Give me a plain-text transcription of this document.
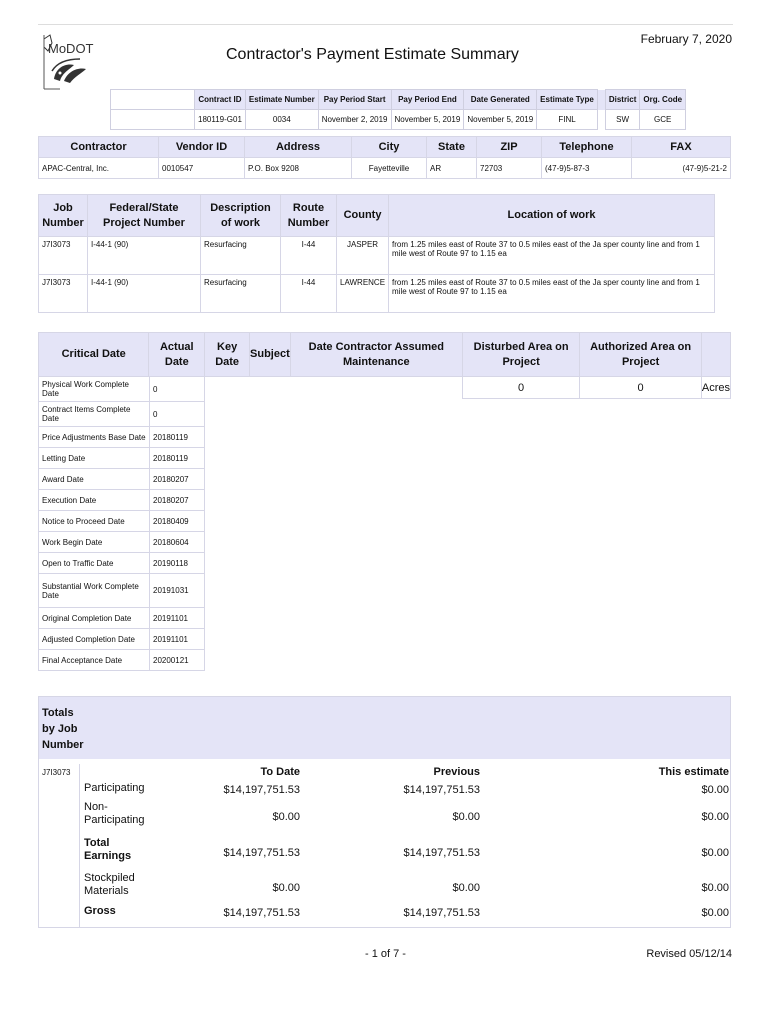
MoDOT	Contractor's Payment Estimate Summary
February 7, 2020
	Contract ID	Estimate Number	Pay Period Start	Pay Period End	Date Generated	Estimate Type		District	Org. Code
	180119-G01	0034	November 2, 2019	November 5, 2019	November 5, 2019	FINL		SW	GCE
Contractor	Vendor ID	Address	City	State	ZIP	Telephone	FAX
APAC-Central, Inc.	0010547	P.O. Box 9208	Fayetteville	AR	72703	(47-9)5-87-3	(47-9)5-21-2
Job Number	Federal/State Project Number	Description of work	Route Number	County	Location of work
J7I3073	I-44-1 (90)	Resurfacing	I-44	JASPER	from 1.25 miles east of Route 37 to 0.5 miles east of the Ja sper county line and from 1 mile west of Route 97 to 1.15 ea
J7I3073	I-44-1 (90)	Resurfacing	I-44	LAWRENCE	from 1.25 miles east of Route 37 to 0.5 miles east of the Ja sper county line and from 1 mile west of Route 97 to 1.15 ea
Critical Date	Actual Date	Key Date	Subject	Date Contractor Assumed Maintenance	Disturbed Area on Project	Authorized Area on Project	
					0	0	Acres
Physical Work Complete Date	0
Contract Items Complete Date	0
Price Adjustments Base Date	20180119
Letting Date	20180119
Award Date	20180207
Execution Date	20180207
Notice to Proceed Date	20180409
Work Begin Date	20180604
Open to Traffic Date	20190118
Substantial Work Complete Date	20191031
Original Completion Date	20191101
Adjusted Completion Date	20191101
Final Acceptance Date	20200121
Totals by Job Number
J7I3073	To Date	Previous	This estimate
Participating	$14,197,751.53	$14,197,751.53	$0.00
Non-Participating	$0.00	$0.00	$0.00
Total Earnings	$14,197,751.53	$14,197,751.53	$0.00
Stockpiled Materials	$0.00	$0.00	$0.00
Gross	$14,197,751.53	$14,197,751.53	$0.00
- 1 of 7 -	Revised 05/12/14
